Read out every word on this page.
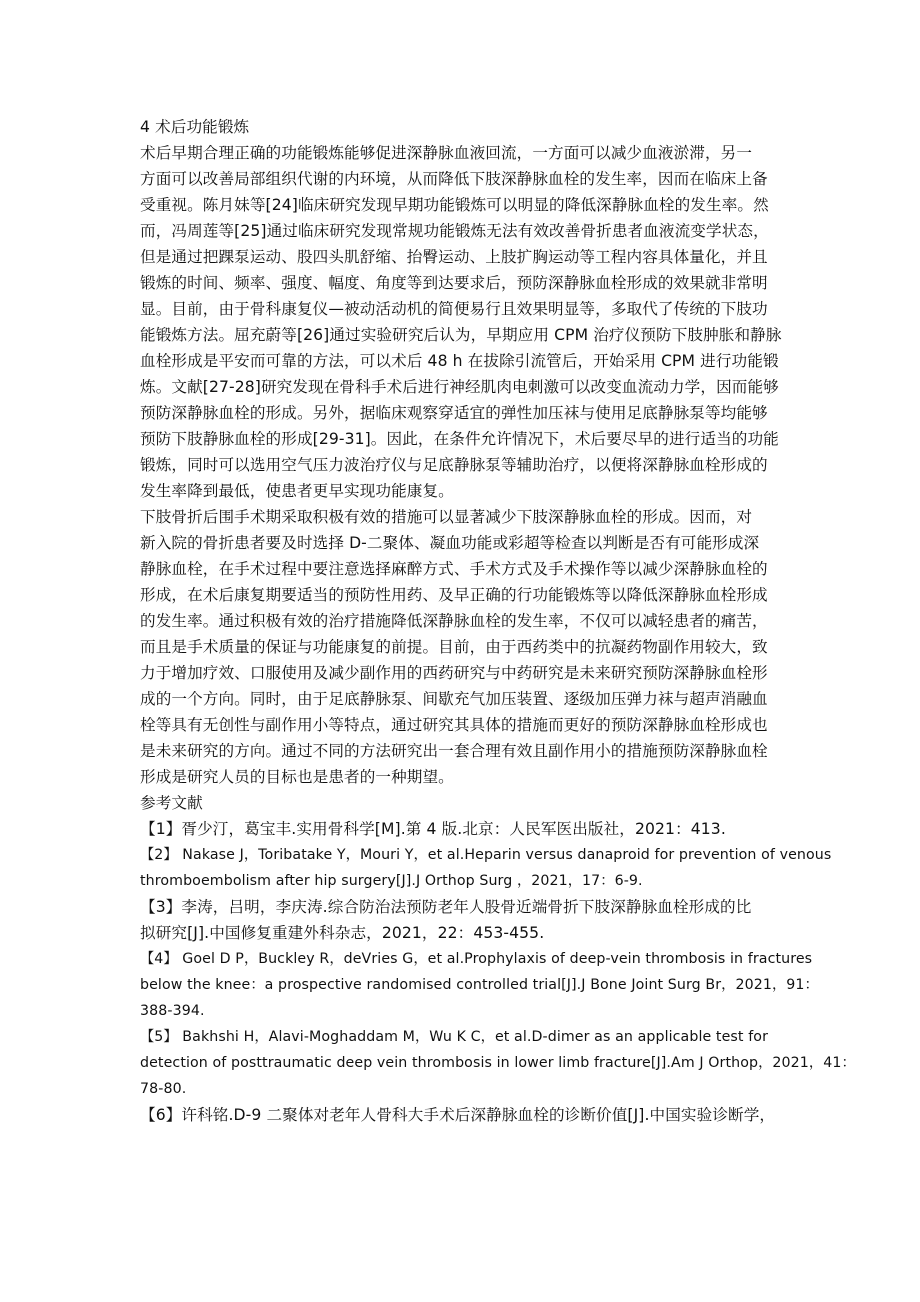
4 术后功能锻炼
术后早期合理正确的功能锻炼能够促进深静脉血液回流，一方面可以减少血液淤滞，另一
方面可以改善局部组织代谢的内环境，从而降低下肢深静脉血栓的发生率，因而在临床上备
受重视。陈月妹等[24]临床研究发现早期功能锻炼可以明显的降低深静脉血栓的发生率。然
而，冯周莲等[25]通过临床研究发现常规功能锻炼无法有效改善骨折患者血液流变学状态，
但是通过把踝泵运动、股四头肌舒缩、抬臀运动、上肢扩胸运动等工程内容具体量化，并且
锻炼的时间、频率、强度、幅度、角度等到达要求后，预防深静脉血栓形成的效果就非常明
显。目前，由于骨科康复仪—被动活动机的简便易行且效果明显等，多取代了传统的下肢功
能锻炼方法。屈充蔚等[26]通过实验研究后认为，早期应用 CPM 治疗仪预防下肢肿胀和静脉
血栓形成是平安而可靠的方法，可以术后 48 h 在拔除引流管后，开始采用 CPM 进行功能锻
炼。文献[27-28]研究发现在骨科手术后进行神经肌肉电刺激可以改变血流动力学，因而能够
预防深静脉血栓的形成。另外，据临床观察穿适宜的弹性加压袜与使用足底静脉泵等均能够
预防下肢静脉血栓的形成[29-31]。因此，在条件允许情况下，术后要尽早的进行适当的功能
锻炼，同时可以选用空气压力波治疗仪与足底静脉泵等辅助治疗，以便将深静脉血栓形成的
发生率降到最低，使患者更早实现功能康复。
下肢骨折后围手术期采取积极有效的措施可以显著减少下肢深静脉血栓的形成。因而，对
新入院的骨折患者要及时选择 D-二聚体、凝血功能或彩超等检查以判断是否有可能形成深
静脉血栓，在手术过程中要注意选择麻醉方式、手术方式及手术操作等以减少深静脉血栓的
形成，在术后康复期要适当的预防性用药、及早正确的行功能锻炼等以降低深静脉血栓形成
的发生率。通过积极有效的治疗措施降低深静脉血栓的发生率，不仅可以减轻患者的痛苦，
而且是手术质量的保证与功能康复的前提。目前，由于西药类中的抗凝药物副作用较大，致
力于增加疗效、口服使用及减少副作用的西药研究与中药研究是未来研究预防深静脉血栓形
成的一个方向。同时，由于足底静脉泵、间歇充气加压装置、逐级加压弹力袜与超声消融血
栓等具有无创性与副作用小等特点，通过研究其具体的措施而更好的预防深静脉血栓形成也
是未来研究的方向。通过不同的方法研究出一套合理有效且副作用小的措施预防深静脉血栓
形成是研究人员的目标也是患者的一种期望。
参考文献
【1】胥少汀，葛宝丰.实用骨科学[M].第 4 版.北京：人民军医出版社，2021：413.
【2】 Nakase J，Toribatake Y，Mouri Y，et al.Heparin versus danaproid for prevention of venous
thromboembolism after hip surgery[J].J Orthop Surg ，2021，17：6-9.
【3】李涛，吕明，李庆涛.综合防治法预防老年人股骨近端骨折下肢深静脉血栓形成的比
拟研究[J].中国修复重建外科杂志，2021，22：453-455.
【4】 Goel D P，Buckley R，deVries G，et al.Prophylaxis of deep-vein thrombosis in fractures
below the knee：a prospective randomised controlled trial[J].J Bone Joint Surg Br，2021，91：
388-394.
【5】 Bakhshi H，Alavi-Moghaddam M，Wu K C，et al.D-dimer as an applicable test for
detection of posttraumatic deep vein thrombosis in lower limb fracture[J].Am J Orthop，2021，41：
78-80.
【6】许科铭.D-9 二聚体对老年人骨科大手术后深静脉血栓的诊断价值[J].中国实验诊断学，
